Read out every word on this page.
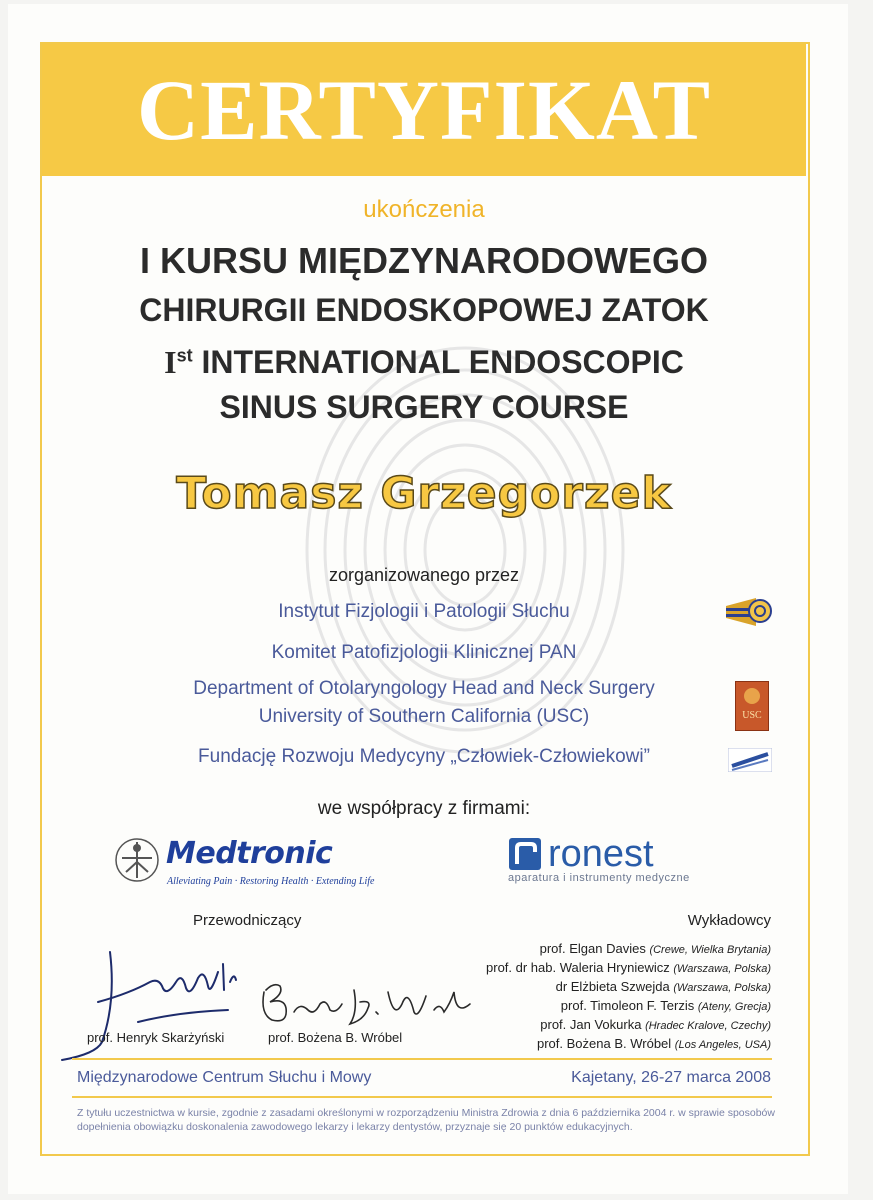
CERTYFIKAT
ukończenia
I KURSU MIĘDZYNARODOWEGO
CHIRURGII ENDOSKOPOWEJ ZATOK
Ist INTERNATIONAL ENDOSCOPIC
SINUS SURGERY COURSE
Tomasz Grzegorzek
zorganizowanego przez
Instytut Fizjologii i Patologii Słuchu
Komitet Patofizjologii Klinicznej PAN
Department of Otolaryngology Head and Neck Surgery
University of Southern California (USC)
Fundację Rozwoju Medycyny „Człowiek-Człowiekowi”
USC
we współpracy z firmami:
Medtronic
Alleviating Pain · Restoring Health · Extending Life
ronest
aparatura i instrumenty medyczne
Przewodniczący	Wykładowcy
prof. Elgan Davies (Crewe, Wielka Brytania)
prof. dr hab. Waleria Hryniewicz (Warszawa, Polska)
dr Elżbieta Szwejda (Warszawa, Polska)
prof. Timoleon F. Terzis (Ateny, Grecja)
prof. Jan Vokurka (Hradec Kralove, Czechy)
prof. Bożena B. Wróbel (Los Angeles, USA)
prof. Henryk Skarżyński	prof. Bożena B. Wróbel
Międzynarodowe Centrum Słuchu i Mowy	Kajetany, 26-27 marca 2008
Z tytułu uczestnictwa w kursie, zgodnie z zasadami określonymi w rozporządzeniu Ministra Zdrowia z dnia 6 października 2004 r. w sprawie sposobów dopełnienia obowiązku doskonalenia zawodowego lekarzy i lekarzy dentystów, przyznaje się 20 punktów edukacyjnych.
